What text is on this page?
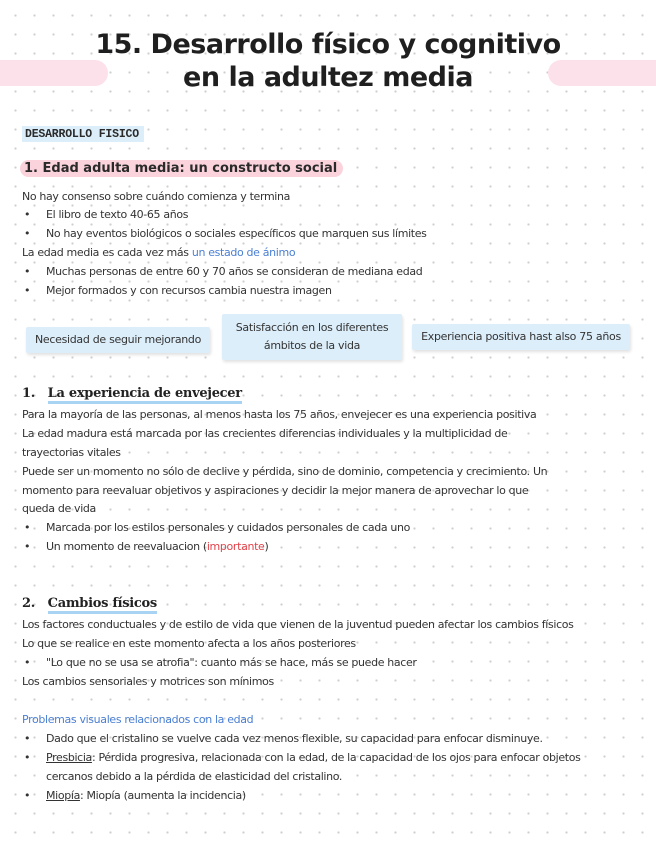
15. Desarrollo físico y cognitivo
en la adultez media
DESARROLLO FISICO
1. Edad adulta media: un constructo social
No hay consenso sobre cuándo comienza y termina
• El libro de texto 40-65 años
• No hay eventos biológicos o sociales específicos que marquen sus límites
La edad media es cada vez más un estado de ánimo
• Muchas personas de entre 60 y 70 años se consideran de mediana edad
• Mejor formados y con recursos cambia nuestra imagen
Necesidad de seguir mejorando
Satisfacción en los diferentes
ámbitos de la vida
Experiencia positiva hast also 75 años
1. La experiencia de envejecer
Para la mayoría de las personas, al menos hasta los 75 años, envejecer es una experiencia positiva
La edad madura está marcada por las crecientes diferencias individuales y la multiplicidad de
trayectorias vitales
Puede ser un momento no sólo de declive y pérdida, sino de dominio, competencia y crecimiento. Un
momento para reevaluar objetivos y aspiraciones y decidir la mejor manera de aprovechar lo que
queda de vida
• Marcada por los estilos personales y cuidados personales de cada uno
• Un momento de reevaluacion (importante)
2. Cambios físicos
Los factores conductuales y de estilo de vida que vienen de la juventud pueden afectar los cambios físicos
Lo que se realice en este momento afecta a los años posteriores
• "Lo que no se usa se atrofia": cuanto más se hace, más se puede hacer
Los cambios sensoriales y motrices son mínimos
Problemas visuales relacionados con la edad
• Dado que el cristalino se vuelve cada vez menos flexible, su capacidad para enfocar disminuye.
• Presbicia: Pérdida progresiva, relacionada con la edad, de la capacidad de los ojos para enfocar objetos
cercanos debido a la pérdida de elasticidad del cristalino.
• Miopía: Miopía (aumenta la incidencia)
